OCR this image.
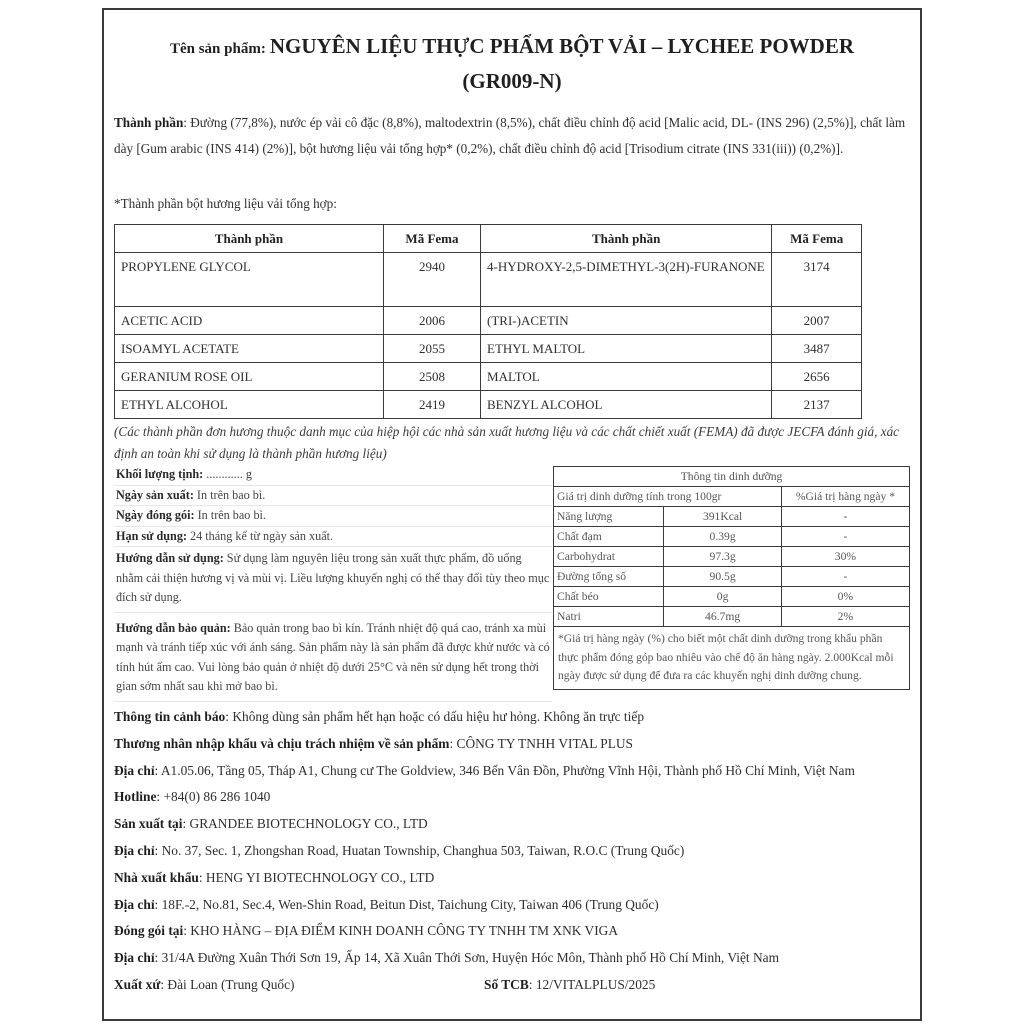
Tên sản phẩm: NGUYÊN LIỆU THỰC PHẨM BỘT VẢI – LYCHEE POWDER
(GR009-N)
Thành phần: Đường (77,8%), nước ép vải cô đặc (8,8%), maltodextrin (8,5%), chất điều chỉnh độ acid [Malic acid, DL- (INS 296) (2,5%)], chất làm dày [Gum arabic (INS 414) (2%)], bột hương liệu vải tổng hợp* (0,2%), chất điều chỉnh độ acid [Trisodium citrate (INS 331(iii)) (0,2%)].
*Thành phần bột hương liệu vải tổng hợp:
Thành phần	Mã Fema	Thành phần	Mã Fema
PROPYLENE GLYCOL	2940	4-HYDROXY-2,5-DIMETHYL-3(2H)-FURANONE	3174
ACETIC ACID	2006	(TRI-)ACETIN	2007
ISOAMYL ACETATE	2055	ETHYL MALTOL	3487
GERANIUM ROSE OIL	2508	MALTOL	2656
ETHYL ALCOHOL	2419	BENZYL ALCOHOL	2137
(Các thành phần đơn hương thuộc danh mục của hiệp hội các nhà sản xuất hương liệu và các chất chiết xuất (FEMA) đã được JECFA đánh giá, xác định an toàn khi sử dụng là thành phần hương liệu)
Khối lượng tịnh: ............ g
Ngày sản xuất: In trên bao bì.
Ngày đóng gói: In trên bao bì.
Hạn sử dụng: 24 tháng kể từ ngày sản xuất.
Hướng dẫn sử dụng: Sử dụng làm nguyên liệu trong sản xuất thực phẩm, đồ uống nhằm cải thiện hương vị và mùi vị. Liều lượng khuyến nghị có thể thay đổi tùy theo mục đích sử dụng.
Hướng dẫn bảo quản: Bảo quản trong bao bì kín. Tránh nhiệt độ quá cao, tránh xa mùi mạnh và tránh tiếp xúc với ánh sáng. Sản phẩm này là sản phẩm đã được khử nước và có tính hút ẩm cao. Vui lòng bảo quản ở nhiệt độ dưới 25°C và nên sử dụng hết trong thời gian sớm nhất sau khi mở bao bì.
Thông tin dinh dưỡng		
Giá trị dinh dưỡng tính trong 100gr		%Giá trị hàng ngày *
Năng lượng	391Kcal	-
Chất đạm	0.39g	-
Carbohydrat	97.3g	30%
Đường tổng số	90.5g	-
Chất béo	0g	0%
Natri	46.7mg	2%
*Giá trị hàng ngày (%) cho biết một chất dinh dưỡng trong khẩu phần thực phẩm đóng góp bao nhiêu vào chế độ ăn hàng ngày. 2.000Kcal mỗi ngày được sử dụng để đưa ra các khuyến nghị dinh dưỡng chung.		
Thông tin cảnh báo: Không dùng sản phẩm hết hạn hoặc có dấu hiệu hư hỏng. Không ăn trực tiếp
Thương nhân nhập khẩu và chịu trách nhiệm về sản phẩm: CÔNG TY TNHH VITAL PLUS
Địa chỉ: A1.05.06, Tầng 05, Tháp A1, Chung cư The Goldview, 346 Bến Vân Đồn, Phường Vĩnh Hội, Thành phố Hồ Chí Minh, Việt Nam
Hotline: +84(0) 86 286 1040
Sản xuất tại: GRANDEE BIOTECHNOLOGY CO., LTD
Địa chỉ: No. 37, Sec. 1, Zhongshan Road, Huatan Township, Changhua 503, Taiwan, R.O.C (Trung Quốc)
Nhà xuất khẩu: HENG YI BIOTECHNOLOGY CO., LTD
Địa chỉ: 18F.-2, No.81, Sec.4, Wen-Shin Road, Beitun Dist, Taichung City, Taiwan 406 (Trung Quốc)
Đóng gói tại: KHO HÀNG – ĐỊA ĐIỂM KINH DOANH CÔNG TY TNHH TM XNK VIGA
Địa chỉ: 31/4A Đường Xuân Thới Sơn 19, Ấp 14, Xã Xuân Thới Sơn, Huyện Hóc Môn, Thành phố Hồ Chí Minh, Việt Nam
Xuất xứ: Đài Loan (Trung Quốc)	Số TCB: 12/VITALPLUS/2025
